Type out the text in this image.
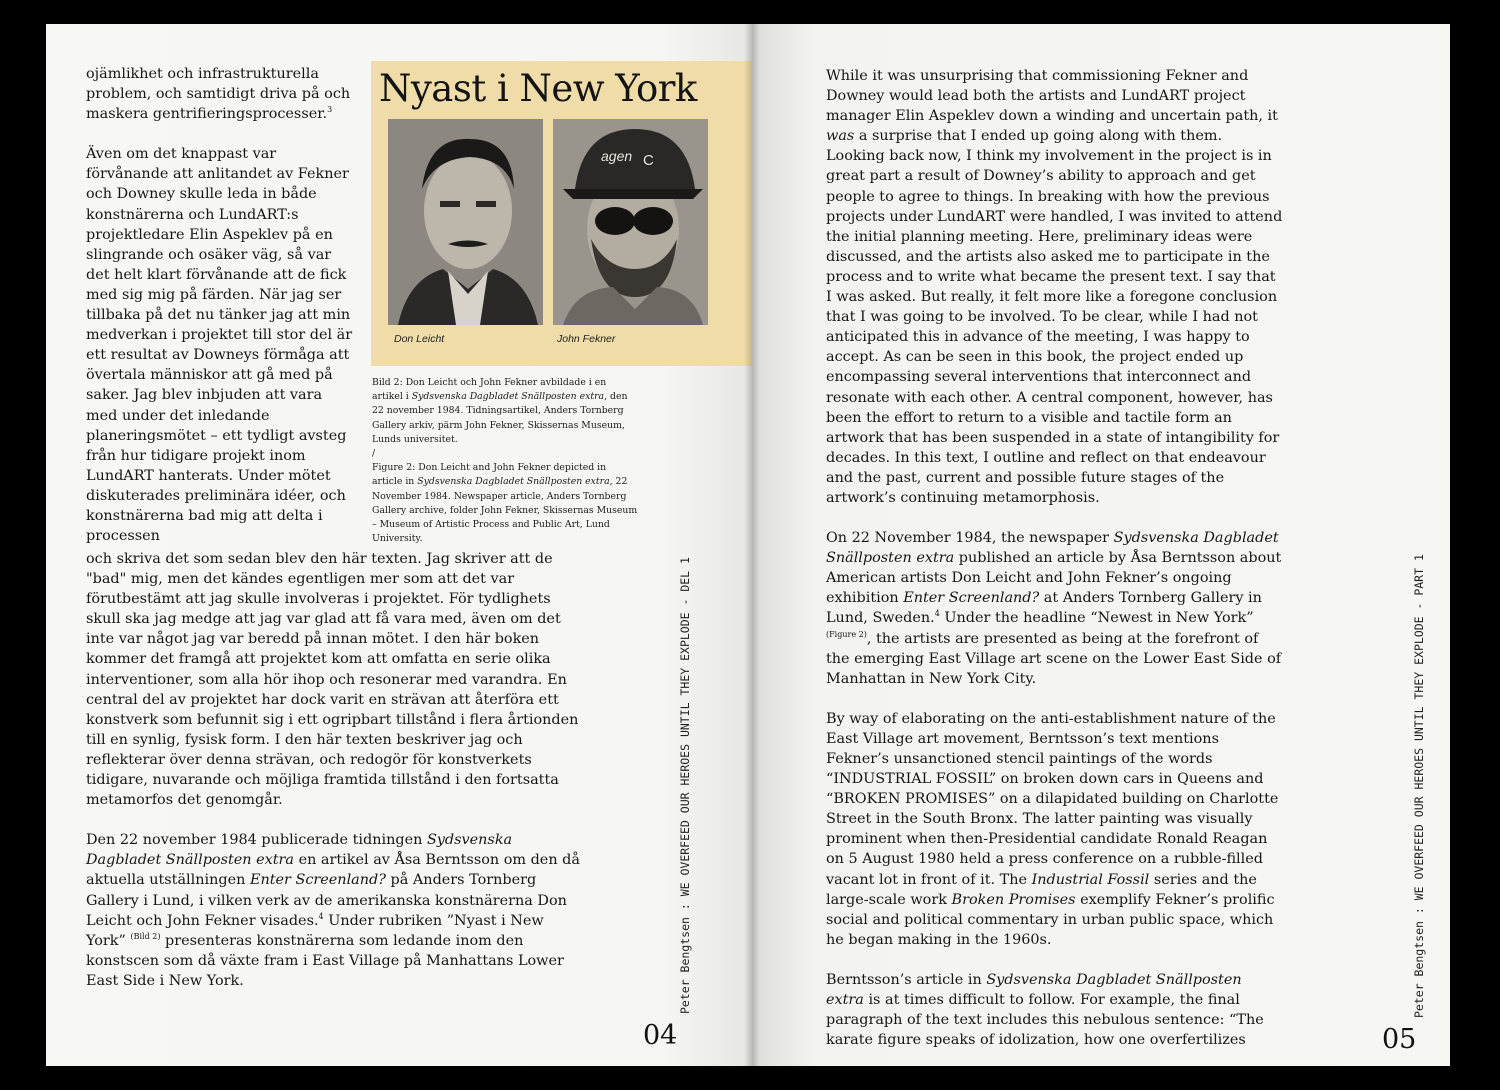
ojämlikhet och infrastrukturella problem, och samtidigt driva på och maskera gentrifieringsprocesser.$^3$

Även om det knappast var förvånande att anlitandet av Fekner och Downey skulle leda in både konstnärerna och LundART:s projektledare Elin Aspeklev på en slingrande och osäker väg, så var det helt klart förvånande att de fick med sig mig på färden. När jag ser tillbaka på det nu tänker jag att min medverkan i projektet till stor del är ett resultat av Downeys förmåga att övertala människor att gå med på saker. Jag blev inbjuden att vara med under det inledande planeringsmötet – ett tydligt avsteg från hur tidigare projekt inom LundART hanterats. Under mötet diskuterades preliminära idéer, och konstnärerna bad mig att delta i processen

Nyast i New York
agen C
Don Leicht	John Fekner

Bild 2: Don Leicht och John Fekner avbildade i en artikel i Sydsvenska Dagbladet Snällposten extra, den 22 november 1984. Tidningsartikel, Anders Tornberg Gallery arkiv, pärm John Fekner, Skissernas Museum, Lunds universitet.

/

Figure 2: Don Leicht and John Fekner depicted in article in Sydsvenska Dagbladet Snällposten extra, 22 November 1984. Newspaper article, Anders Tornberg Gallery archive, folder John Fekner, Skissernas Museum – Museum of Artistic Process and Public Art, Lund University.

och skriva det som sedan blev den här texten. Jag skriver att de "bad" mig, men det kändes egentligen mer som att det var förutbestämt att jag skulle involveras i projektet. För tydlighets skull ska jag medge att jag var glad att få vara med, även om det inte var något jag var beredd på innan mötet. I den här boken kommer det framgå att projektet kom att omfatta en serie olika interventioner, som alla hör ihop och resonerar med varandra. En central del av projektet har dock varit en strävan att återföra ett konstverk som befunnit sig i ett ogripbart tillstånd i flera årtionden till en synlig, fysisk form. I den här texten beskriver jag och reflekterar över denna strävan, och redogör för konstverkets tidigare, nuvarande och möjliga framtida tillstånd i den fortsatta metamorfos det genomgår.

Den 22 november 1984 publicerade tidningen Sydsvenska Dagbladet Snällposten extra en artikel av Åsa Berntsson om den då aktuella utställningen Enter Screenland? på Anders Tornberg Gallery i Lund, i vilken verk av de amerikanska konstnärerna Don Leicht och John Fekner visades.$^4$ Under rubriken ”Nyast i New York” $^{(Bild 2)}$ presenteras konstnärerna som ledande inom den konstscen som då växte fram i East Village på Manhattans Lower East Side i New York.	Peter Bengtsen : WE OVERFEED OUR HEROES UNTIL THEY EXPLODE - DEL 1
04

While it was unsurprising that commissioning Fekner and Downey would lead both the artists and LundART project manager Elin Aspeklev down a winding and uncertain path, it was a surprise that I ended up going along with them. Looking back now, I think my involvement in the project is in great part a result of Downey’s ability to approach and get people to agree to things. In breaking with how the previous projects under LundART were handled, I was invited to attend the initial planning meeting. Here, preliminary ideas were discussed, and the artists also asked me to participate in the process and to write what became the present text. I say that I was asked. But really, it felt more like a foregone conclusion that I was going to be involved. To be clear, while I had not anticipated this in advance of the meeting, I was happy to accept. As can be seen in this book, the project ended up encompassing several interventions that interconnect and resonate with each other. A central component, however, has been the effort to return to a visible and tactile form an artwork that has been suspended in a state of intangibility for decades. In this text, I outline and reflect on that endeavour and the past, current and possible future stages of the artwork’s continuing metamorphosis.

On 22 November 1984, the newspaper Sydsvenska Dagbladet Snällposten extra published an article by Åsa Berntsson about American artists Don Leicht and John Fekner’s ongoing exhibition Enter Screenland? at Anders Tornberg Gallery in Lund, Sweden.$^4$ Under the headline “Newest in New York” $^{(Figure 2)}$, the artists are presented as being at the forefront of the emerging East Village art scene on the Lower East Side of Manhattan in New York City.

By way of elaborating on the anti-establishment nature of the East Village art movement, Berntsson’s text mentions Fekner’s unsanctioned stencil paintings of the words “INDUSTRIAL FOSSIL” on broken down cars in Queens and “BROKEN PROMISES” on a dilapidated building on Charlotte Street in the South Bronx. The latter painting was visually prominent when then-Presidential candidate Ronald Reagan on 5 August 1980 held a press conference on a rubble-filled vacant lot in front of it. The Industrial Fossil series and the large-scale work Broken Promises exemplify Fekner’s prolific social and political commentary in urban public space, which he began making in the 1960s.

Berntsson’s article in Sydsvenska Dagbladet Snällposten extra is at times difficult to follow. For example, the final paragraph of the text includes this nebulous sentence: “The karate figure speaks of idolization, how one overfertilizes

Peter Bengtsen : WE OVERFEED OUR HEROES UNTIL THEY EXPLODE - PART 1
05
